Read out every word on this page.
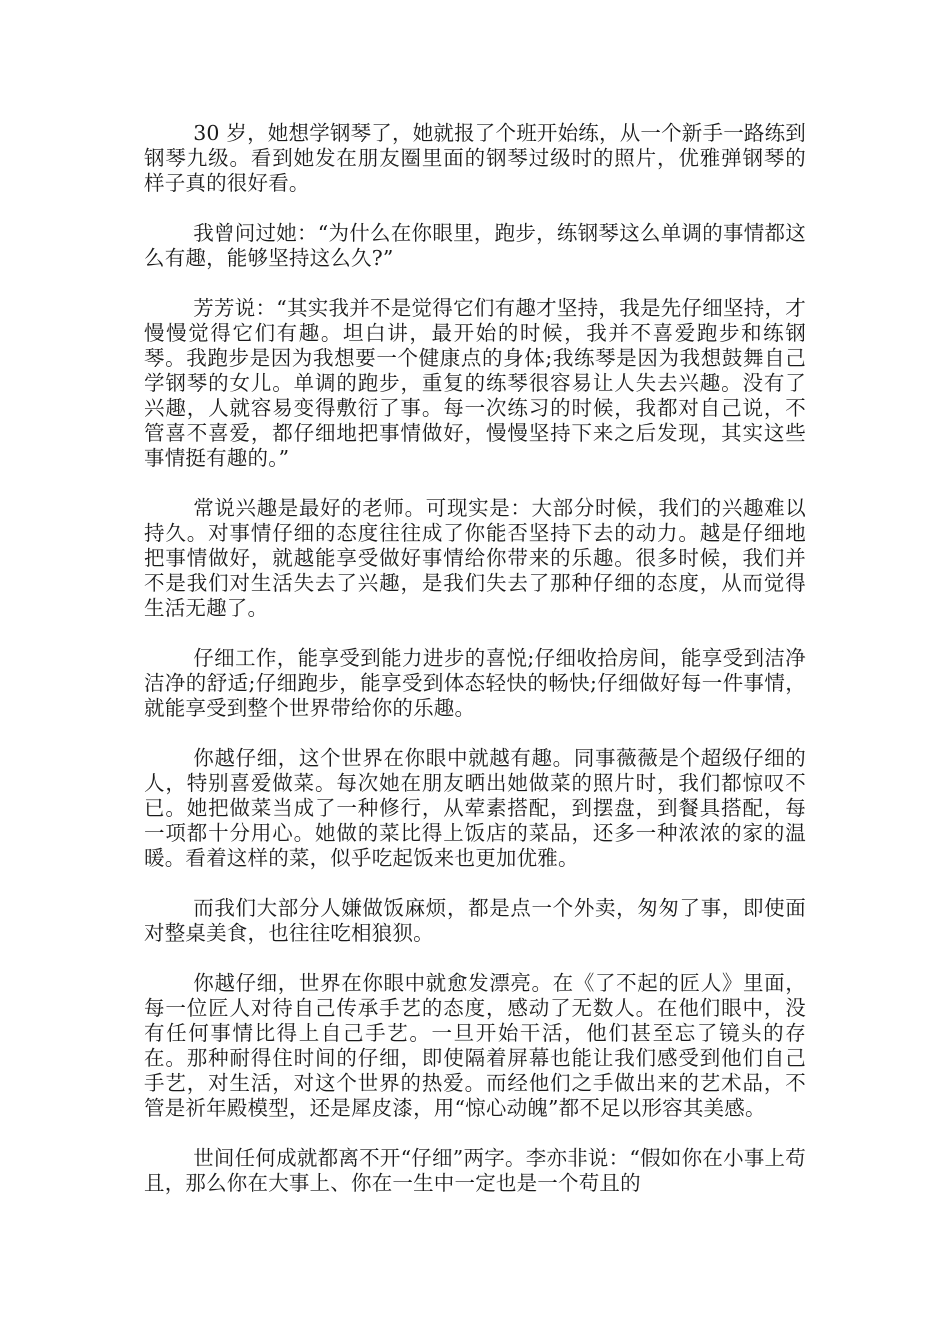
30 岁，她想学钢琴了，她就报了个班开始练，从一个新手一路练到钢琴九级。看到她发在朋友圈里面的钢琴过级时的照片，优雅弹钢琴的样子真的很好看。

我曾问过她：“为什么在你眼里，跑步，练钢琴这么单调的事情都这么有趣，能够坚持这么久?”

芳芳说：“其实我并不是觉得它们有趣才坚持，我是先仔细坚持，才慢慢觉得它们有趣。坦白讲，最开始的时候，我并不喜爱跑步和练钢琴。我跑步是因为我想要一个健康点的身体;我练琴是因为我想鼓舞自己学钢琴的女儿。单调的跑步，重复的练琴很容易让人失去兴趣。没有了兴趣，人就容易变得敷衍了事。每一次练习的时候，我都对自己说，不管喜不喜爱，都仔细地把事情做好，慢慢坚持下来之后发现，其实这些事情挺有趣的。”

常说兴趣是最好的老师。可现实是：大部分时候，我们的兴趣难以持久。对事情仔细的态度往往成了你能否坚持下去的动力。越是仔细地把事情做好，就越能享受做好事情给你带来的乐趣。很多时候，我们并不是我们对生活失去了兴趣，是我们失去了那种仔细的态度，从而觉得生活无趣了。

仔细工作，能享受到能力进步的喜悦;仔细收拾房间，能享受到洁净洁净的舒适;仔细跑步，能享受到体态轻快的畅快;仔细做好每一件事情，就能享受到整个世界带给你的乐趣。

你越仔细，这个世界在你眼中就越有趣。同事薇薇是个超级仔细的人，特别喜爱做菜。每次她在朋友晒出她做菜的照片时，我们都惊叹不已。她把做菜当成了一种修行，从荤素搭配，到摆盘，到餐具搭配，每一项都十分用心。她做的菜比得上饭店的菜品，还多一种浓浓的家的温暖。看着这样的菜，似乎吃起饭来也更加优雅。

而我们大部分人嫌做饭麻烦，都是点一个外卖，匆匆了事，即使面对整桌美食，也往往吃相狼狈。

你越仔细，世界在你眼中就愈发漂亮。在《了不起的匠人》里面，每一位匠人对待自己传承手艺的态度，感动了无数人。在他们眼中，没有任何事情比得上自己手艺。一旦开始干活，他们甚至忘了镜头的存在。那种耐得住时间的仔细，即使隔着屏幕也能让我们感受到他们自己手艺，对生活，对这个世界的热爱。而经他们之手做出来的艺术品，不管是祈年殿模型，还是犀皮漆，用“惊心动魄”都不足以形容其美感。

世间任何成就都离不开“仔细”两字。李亦非说：“假如你在小事上苟且，那么你在大事上、你在一生中一定也是一个苟且的
